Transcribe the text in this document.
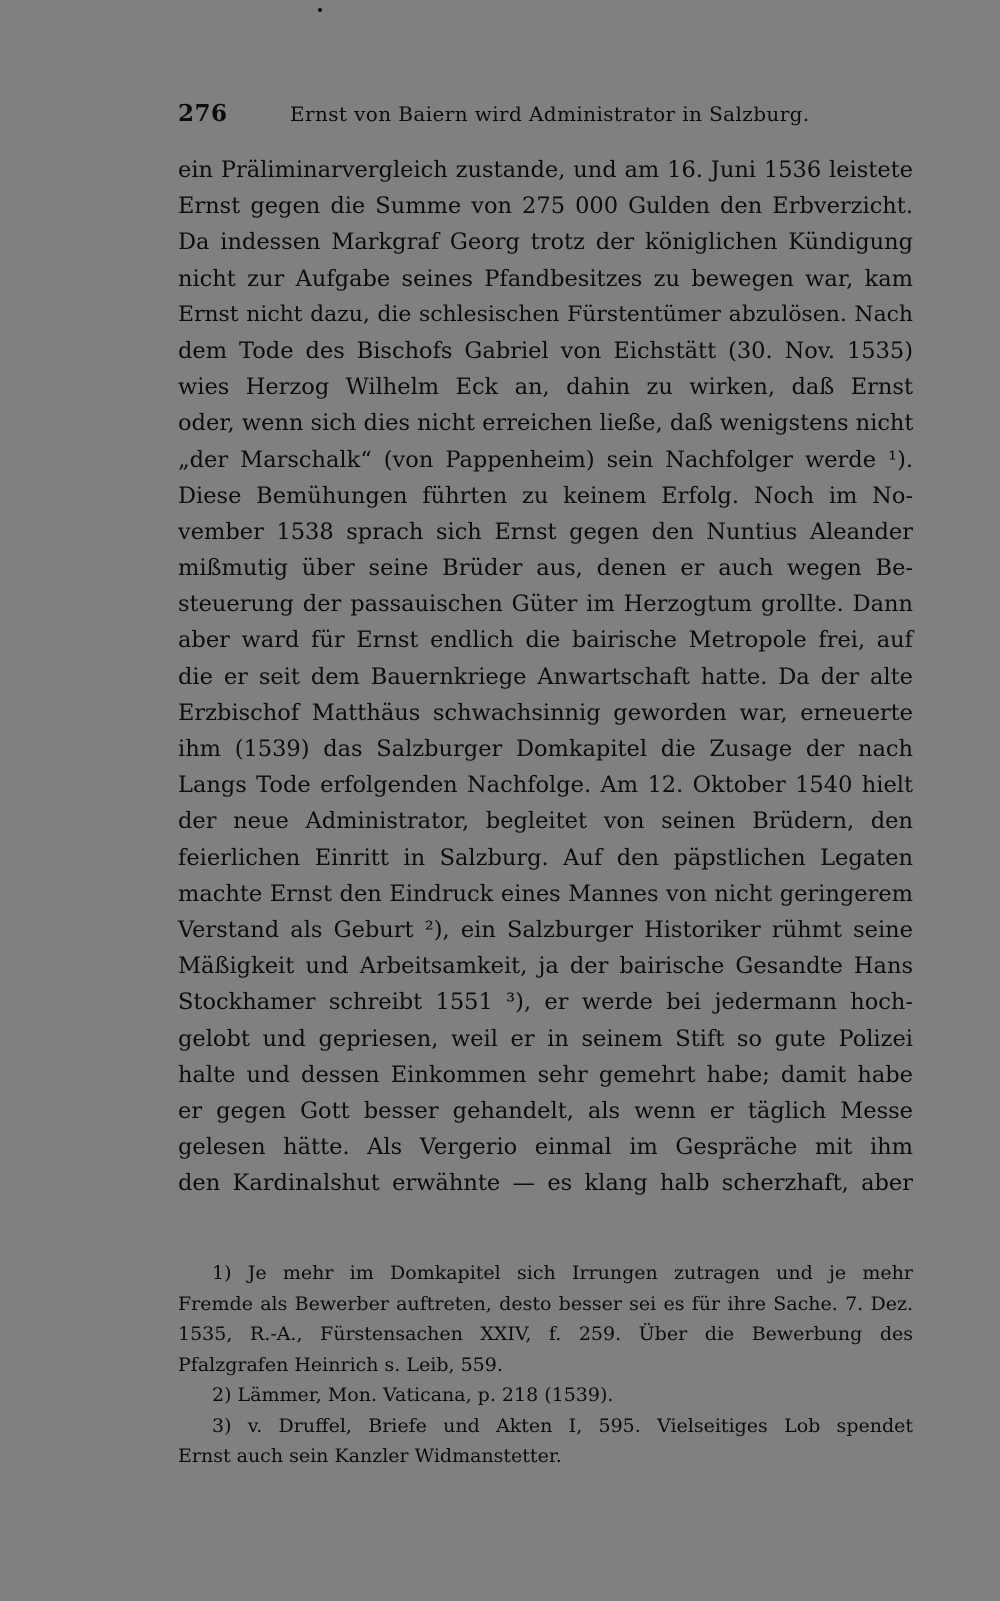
276	Ernst von Baiern wird Administrator in Salzburg.
ein Präliminarvergleich zustande, und am 16. Juni 1536 leistete
Ernst gegen die Summe von 275 000 Gulden den Erbverzicht.
Da indessen Markgraf Georg trotz der königlichen Kündigung
nicht zur Aufgabe seines Pfandbesitzes zu bewegen war, kam
Ernst nicht dazu, die schlesischen Fürstentümer abzulösen. Nach
dem Tode des Bischofs Gabriel von Eichstätt (30. Nov. 1535)
wies Herzog Wilhelm Eck an, dahin zu wirken, daß Ernst
oder, wenn sich dies nicht erreichen ließe, daß wenigstens nicht
„der Marschalk“ (von Pappenheim) sein Nachfolger werde ¹).
Diese Bemühungen führten zu keinem Erfolg. Noch im No-
vember 1538 sprach sich Ernst gegen den Nuntius Aleander
mißmutig über seine Brüder aus, denen er auch wegen Be-
steuerung der passauischen Güter im Herzogtum grollte. Dann
aber ward für Ernst endlich die bairische Metropole frei, auf
die er seit dem Bauernkriege Anwartschaft hatte. Da der alte
Erzbischof Matthäus schwachsinnig geworden war, erneuerte
ihm (1539) das Salzburger Domkapitel die Zusage der nach
Langs Tode erfolgenden Nachfolge. Am 12. Oktober 1540 hielt
der neue Administrator, begleitet von seinen Brüdern, den
feierlichen Einritt in Salzburg. Auf den päpstlichen Legaten
machte Ernst den Eindruck eines Mannes von nicht geringerem
Verstand als Geburt ²), ein Salzburger Historiker rühmt seine
Mäßigkeit und Arbeitsamkeit, ja der bairische Gesandte Hans
Stockhamer schreibt 1551 ³), er werde bei jedermann hoch-
gelobt und gepriesen, weil er in seinem Stift so gute Polizei
halte und dessen Einkommen sehr gemehrt habe; damit habe
er gegen Gott besser gehandelt, als wenn er täglich Messe
gelesen hätte. Als Vergerio einmal im Gespräche mit ihm
den Kardinalshut erwähnte — es klang halb scherzhaft, aber
1) Je mehr im Domkapitel sich Irrungen zutragen und je mehr
Fremde als Bewerber auftreten, desto besser sei es für ihre Sache. 7. Dez.
1535, R.-A., Fürstensachen XXIV, f. 259. Über die Bewerbung des
Pfalzgrafen Heinrich s. Leib, 559.
2) Lämmer, Mon. Vaticana, p. 218 (1539).
3) v. Druffel, Briefe und Akten I, 595. Vielseitiges Lob spendet
Ernst auch sein Kanzler Widmanstetter.
